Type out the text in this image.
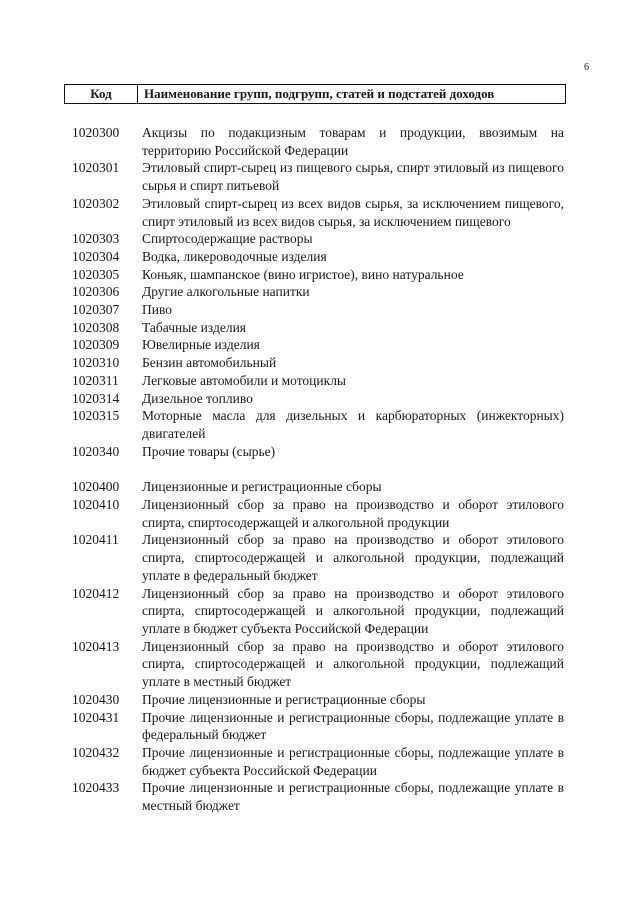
6
Код	Наименование групп, подгрупп, статей и подстатей доходов
1020300	Акцизы по подакцизным товарам и продукции, ввозимым на территорию Российской Федерации
1020301	Этиловый спирт-сырец из пищевого сырья, спирт этиловый из пищевого сырья и спирт питьевой
1020302	Этиловый спирт-сырец из всех видов сырья, за исключением пищевого, спирт этиловый из всех видов сырья, за исключением пищевого
1020303	Спиртосодержащие растворы
1020304	Водка, ликероводочные изделия
1020305	Коньяк, шампанское (вино игристое), вино натуральное
1020306	Другие алкогольные напитки
1020307	Пиво
1020308	Табачные изделия
1020309	Ювелирные изделия
1020310	Бензин автомобильный
1020311	Легковые автомобили и мотоциклы
1020314	Дизельное топливо
1020315	Моторные масла для дизельных и карбюраторных (инжекторных) двигателей
1020340	Прочие товары (сырье)
1020400	Лицензионные и регистрационные сборы
1020410	Лицензионный сбор за право на производство и оборот этилового спирта, спиртосодержащей и алкогольной продукции
1020411	Лицензионный сбор за право на производство и оборот этилового спирта, спиртосодержащей и алкогольной продукции, подлежащий уплате в федеральный бюджет
1020412	Лицензионный сбор за право на производство и оборот этилового спирта, спиртосодержащей и алкогольной продукции, подлежащий уплате в бюджет субъекта Российской Федерации
1020413	Лицензионный сбор за право на производство и оборот этилового спирта, спиртосодержащей и алкогольной продукции, подлежащий уплате в местный бюджет
1020430	Прочие лицензионные и регистрационные сборы
1020431	Прочие лицензионные и регистрационные сборы, подлежащие уплате в федеральный бюджет
1020432	Прочие лицензионные и регистрационные сборы, подлежащие уплате в бюджет субъекта Российской Федерации
1020433	Прочие лицензионные и регистрационные сборы, подлежащие уплате в местный бюджет
